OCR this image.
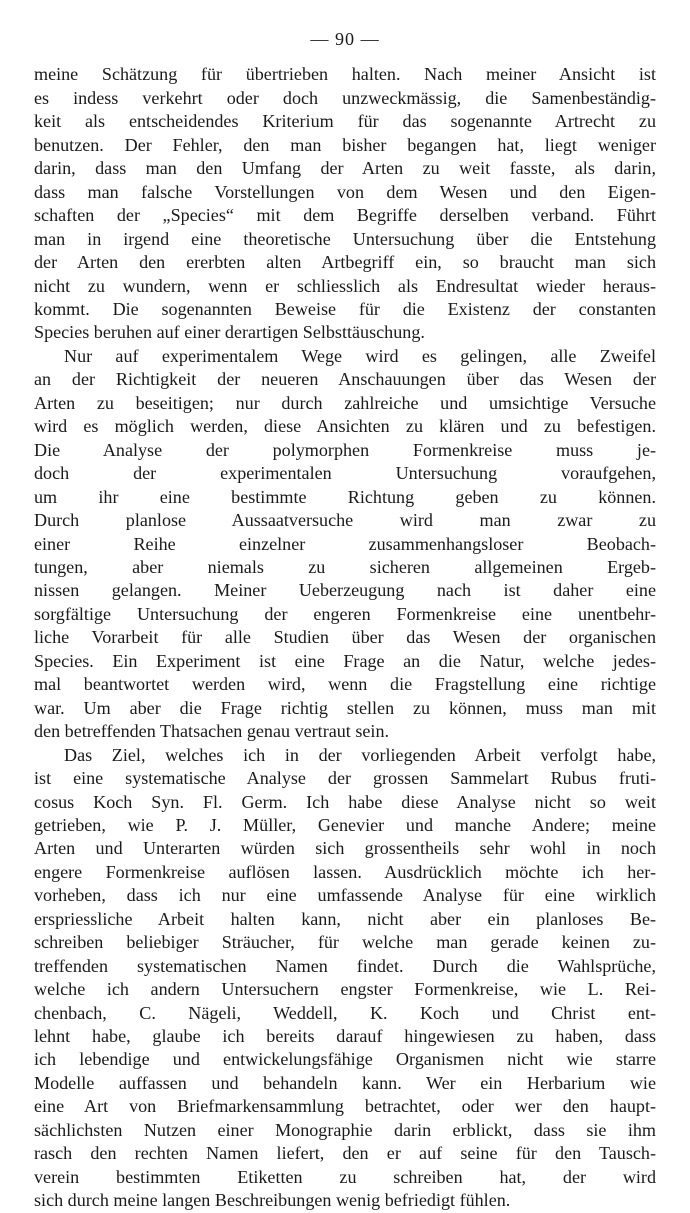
— 90 —
meine Schätzung für übertrieben halten. Nach meiner Ansicht ist
es indess verkehrt oder doch unzweckmässig, die Samenbeständig-
keit als entscheidendes Kriterium für das sogenannte Artrecht zu
benutzen. Der Fehler, den man bisher begangen hat, liegt weniger
darin, dass man den Umfang der Arten zu weit fasste, als darin,
dass man falsche Vorstellungen von dem Wesen und den Eigen-
schaften der „Species“ mit dem Begriffe derselben verband. Führt
man in irgend eine theoretische Untersuchung über die Entstehung
der Arten den ererbten alten Artbegriff ein, so braucht man sich
nicht zu wundern, wenn er schliesslich als Endresultat wieder heraus-
kommt. Die sogenannten Beweise für die Existenz der constanten
Species beruhen auf einer derartigen Selbsttäuschung.
Nur auf experimentalem Wege wird es gelingen, alle Zweifel
an der Richtigkeit der neueren Anschauungen über das Wesen der
Arten zu beseitigen; nur durch zahlreiche und umsichtige Versuche
wird es möglich werden, diese Ansichten zu klären und zu befestigen.
Die Analyse der polymorphen Formenkreise muss je-
doch der experimentalen Untersuchung voraufgehen,
um ihr eine bestimmte Richtung geben zu können.
Durch planlose Aussaatversuche wird man zwar zu
einer Reihe einzelner zusammenhangsloser Beobach-
tungen, aber niemals zu sicheren allgemeinen Ergeb-
nissen gelangen. Meiner Ueberzeugung nach ist daher eine
sorgfältige Untersuchung der engeren Formenkreise eine unentbehr-
liche Vorarbeit für alle Studien über das Wesen der organischen
Species. Ein Experiment ist eine Frage an die Natur, welche jedes-
mal beantwortet werden wird, wenn die Fragstellung eine richtige
war. Um aber die Frage richtig stellen zu können, muss man mit
den betreffenden Thatsachen genau vertraut sein.
Das Ziel, welches ich in der vorliegenden Arbeit verfolgt habe,
ist eine systematische Analyse der grossen Sammelart Rubus fruti-
cosus Koch Syn. Fl. Germ. Ich habe diese Analyse nicht so weit
getrieben, wie P. J. Müller, Genevier und manche Andere; meine
Arten und Unterarten würden sich grossentheils sehr wohl in noch
engere Formenkreise auflösen lassen. Ausdrücklich möchte ich her-
vorheben, dass ich nur eine umfassende Analyse für eine wirklich
erspriessliche Arbeit halten kann, nicht aber ein planloses Be-
schreiben beliebiger Sträucher, für welche man gerade keinen zu-
treffenden systematischen Namen findet. Durch die Wahlsprüche,
welche ich andern Untersuchern engster Formenkreise, wie L. Rei-
chenbach, C. Nägeli, Weddell, K. Koch und Christ ent-
lehnt habe, glaube ich bereits darauf hingewiesen zu haben, dass
ich lebendige und entwickelungsfähige Organismen nicht wie starre
Modelle auffassen und behandeln kann. Wer ein Herbarium wie
eine Art von Briefmarkensammlung betrachtet, oder wer den haupt-
sächlichsten Nutzen einer Monographie darin erblickt, dass sie ihm
rasch den rechten Namen liefert, den er auf seine für den Tausch-
verein bestimmten Etiketten zu schreiben hat, der wird
sich durch meine langen Beschreibungen wenig befriedigt fühlen.
